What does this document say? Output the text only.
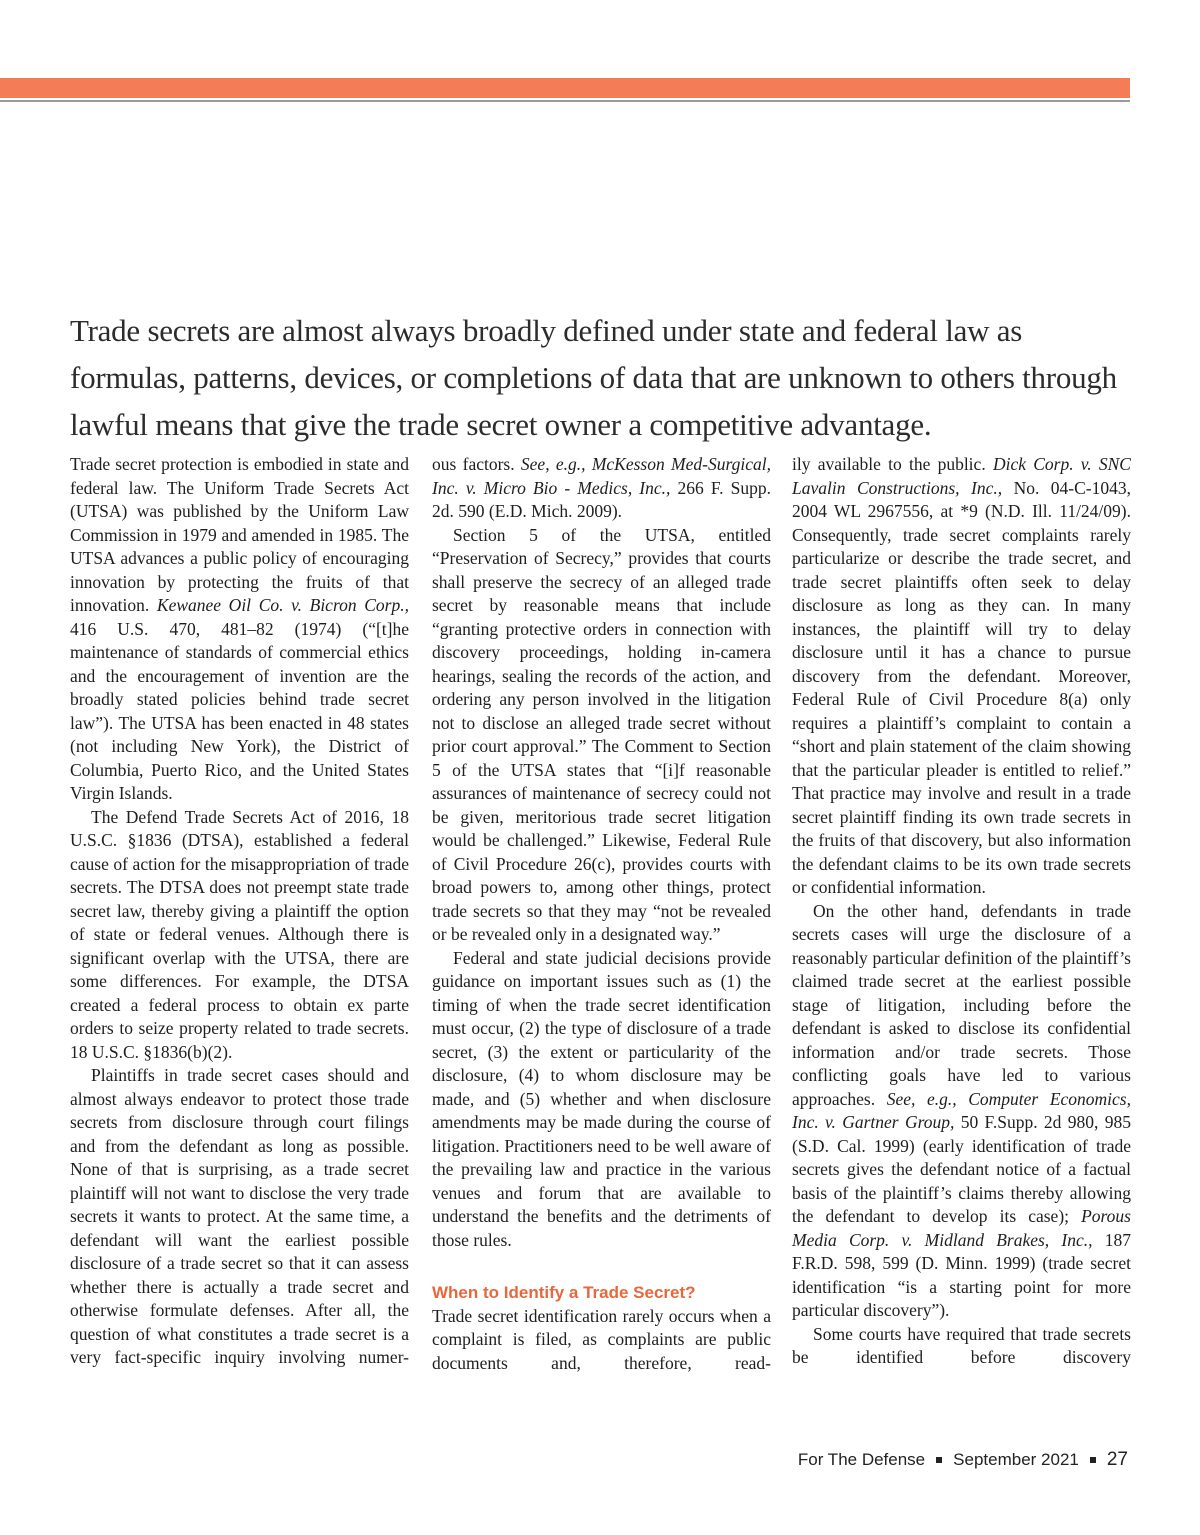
Trade secrets are almost always broadly defined under state and federal law as formulas, patterns, devices, or completions of data that are unknown to others through lawful means that give the trade secret owner a competitive advantage.

Trade secret protection is embodied in state and federal law. The Uniform Trade Secrets Act (UTSA) was published by the Uniform Law Commission in 1979 and amended in 1985. The UTSA advances a public policy of encouraging innovation by protecting the fruits of that innovation. Kewanee Oil Co. v. Bicron Corp., 416 U.S. 470, 481–82 (1974) (“[t]he maintenance of standards of commercial ethics and the encouragement of invention are the broadly stated policies behind trade secret law”). The UTSA has been enacted in 48 states (not including New York), the District of Columbia, Puerto Rico, and the United States Virgin Islands.

The Defend Trade Secrets Act of 2016, 18 U.S.C. §1836 (DTSA), established a federal cause of action for the misappropriation of trade secrets. The DTSA does not preempt state trade secret law, thereby giving a plaintiff the option of state or federal venues. Although there is significant overlap with the UTSA, there are some differences. For example, the DTSA created a federal process to obtain ex parte orders to seize property related to trade secrets. 18 U.S.C. §1836(b)(2).

Plaintiffs in trade secret cases should and almost always endeavor to protect those trade secrets from disclosure through court filings and from the defendant as long as possible. None of that is surprising, as a trade secret plaintiff will not want to disclose the very trade secrets it wants to protect. At the same time, a defendant will want the earliest possible disclosure of a trade secret so that it can assess whether there is actually a trade secret and otherwise formulate defenses. After all, the question of what constitutes a trade secret is a very fact-specific inquiry involving numer-

ous factors. See, e.g., McKesson Med-Surgical, Inc. v. Micro Bio - Medics, Inc., 266 F. Supp. 2d. 590 (E.D. Mich. 2009).

Section 5 of the UTSA, entitled “Preservation of Secrecy,” provides that courts shall preserve the secrecy of an alleged trade secret by reasonable means that include “granting protective orders in connection with discovery proceedings, holding in-camera hearings, sealing the records of the action, and ordering any person involved in the litigation not to disclose an alleged trade secret without prior court approval.” The Comment to Section 5 of the UTSA states that “[i]f reasonable assurances of maintenance of secrecy could not be given, meritorious trade secret litigation would be challenged.” Likewise, Federal Rule of Civil Procedure 26(c), provides courts with broad powers to, among other things, protect trade secrets so that they may “not be revealed or be revealed only in a designated way.”

Federal and state judicial decisions provide guidance on important issues such as (1) the timing of when the trade secret identification must occur, (2) the type of disclosure of a trade secret, (3) the extent or particularity of the disclosure, (4) to whom disclosure may be made, and (5) whether and when disclosure amendments may be made during the course of litigation. Practitioners need to be well aware of the prevailing law and practice in the various venues and forum that are available to understand the benefits and the detriments of those rules.

When to Identify a Trade Secret?

Trade secret identification rarely occurs when a complaint is filed, as complaints are public documents and, therefore, read-

ily available to the public. Dick Corp. v. SNC Lavalin Constructions, Inc., No. 04-C-1043, 2004 WL 2967556, at *9 (N.D. Ill. 11/24/09). Consequently, trade secret complaints rarely particularize or describe the trade secret, and trade secret plaintiffs often seek to delay disclosure as long as they can. In many instances, the plaintiff will try to delay disclosure until it has a chance to pursue discovery from the defendant. Moreover, Federal Rule of Civil Procedure 8(a) only requires a plaintiff’s complaint to contain a “short and plain statement of the claim showing that the particular pleader is entitled to relief.” That practice may involve and result in a trade secret plaintiff finding its own trade secrets in the fruits of that discovery, but also information the defendant claims to be its own trade secrets or confidential information.

On the other hand, defendants in trade secrets cases will urge the disclosure of a reasonably particular definition of the plaintiff’s claimed trade secret at the earliest possible stage of litigation, including before the defendant is asked to disclose its confidential information and/or trade secrets. Those conflicting goals have led to various approaches. See, e.g., Computer Economics, Inc. v. Gartner Group, 50 F.Supp. 2d 980, 985 (S.D. Cal. 1999) (early identification of trade secrets gives the defendant notice of a factual basis of the plaintiff’s claims thereby allowing the defendant to develop its case); Porous Media Corp. v. Midland Brakes, Inc., 187 F.R.D. 598, 599 (D. Minn. 1999) (trade secret identification “is a starting point for more particular discovery”).

Some courts have required that trade secrets be identified before discovery

For The Defense September 2021 27
